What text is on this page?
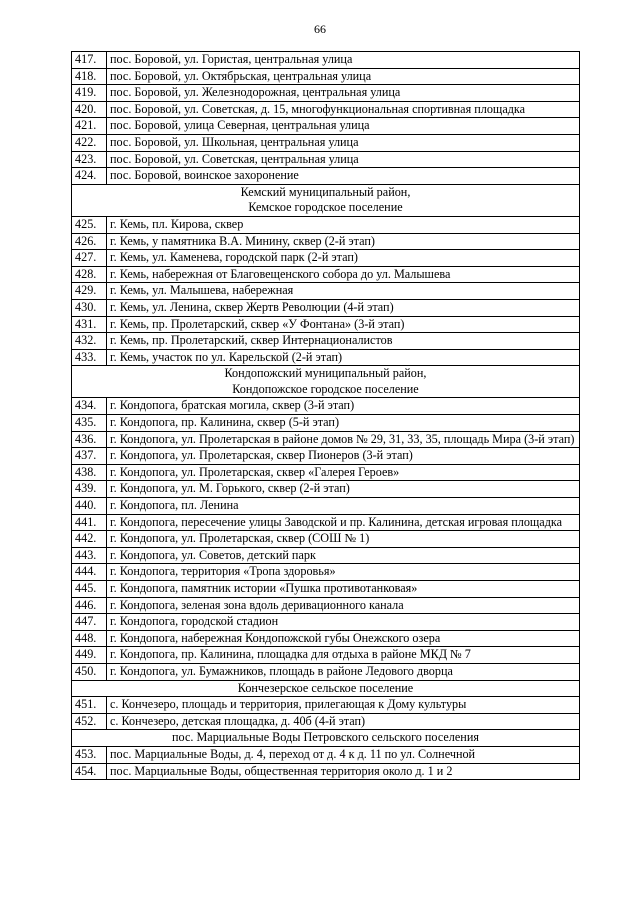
66
417.	пос. Боровой, ул. Гористая, центральная улица
418.	пос. Боровой, ул. Октябрьская, центральная улица
419.	пос. Боровой, ул. Железнодорожная, центральная улица
420.	пос. Боровой, ул. Советская, д. 15, многофункциональная спортивная площадка
421.	пос. Боровой, улица Северная, центральная улица
422.	пос. Боровой, ул. Школьная, центральная улица
423.	пос. Боровой, ул. Советская, центральная улица
424.	пос. Боровой, воинское захоронение
Кемский муниципальный район,	
Кемское городское поселение	
425.	г. Кемь, пл. Кирова, сквер
426.	г. Кемь, у памятника В.А. Минину, сквер (2-й этап)
427.	г. Кемь, ул. Каменева, городской парк (2-й этап)
428.	г. Кемь, набережная от Благовещенского собора до ул. Малышева
429.	г. Кемь, ул. Малышева, набережная
430.	г. Кемь, ул. Ленина, сквер Жертв Революции (4-й этап)
431.	г. Кемь, пр. Пролетарский, сквер «У Фонтана» (3-й этап)
432.	г. Кемь, пр. Пролетарский, сквер Интернационалистов
433.	г. Кемь, участок по ул. Карельской (2-й этап)
Кондопожский муниципальный район,	
Кондопожское городское поселение	
434.	г. Кондопога, братская могила, сквер (3-й этап)
435.	г. Кондопога, пр. Калинина, сквер (5-й этап)
436.	г. Кондопога, ул. Пролетарская в районе домов № 29, 31, 33, 35, площадь Мира (3-й этап)
437.	г. Кондопога, ул. Пролетарская, сквер Пионеров (3-й этап)
438.	г. Кондопога, ул. Пролетарская, сквер «Галерея Героев»
439.	г. Кондопога, ул. М. Горького, сквер (2-й этап)
440.	г. Кондопога, пл. Ленина
441.	г. Кондопога, пересечение улицы Заводской и пр. Калинина, детская игровая площадка
442.	г. Кондопога, ул. Пролетарская, сквер (СОШ № 1)
443.	г. Кондопога, ул. Советов, детский парк
444.	г. Кондопога, территория «Тропа здоровья»
445.	г. Кондопога, памятник истории «Пушка противотанковая»
446.	г. Кондопога, зеленая зона вдоль деривационного канала
447.	г. Кондопога, городской стадион
448.	г. Кондопога, набережная Кондопожской губы Онежского озера
449.	г. Кондопога, пр. Калинина, площадка для отдыха в районе МКД № 7
450.	г. Кондопога, ул. Бумажников, площадь в районе Ледового дворца
Кончезерское сельское поселение	
451.	с. Кончезеро, площадь и территория, прилегающая к Дому культуры
452.	с. Кончезеро, детская площадка, д. 40б (4-й этап)
пос. Марциальные Воды Петровского сельского поселения	
453.	пос. Марциальные Воды, д. 4, переход от д. 4 к д. 11 по ул. Солнечной
454.	пос. Марциальные Воды, общественная территория около д. 1 и 2
